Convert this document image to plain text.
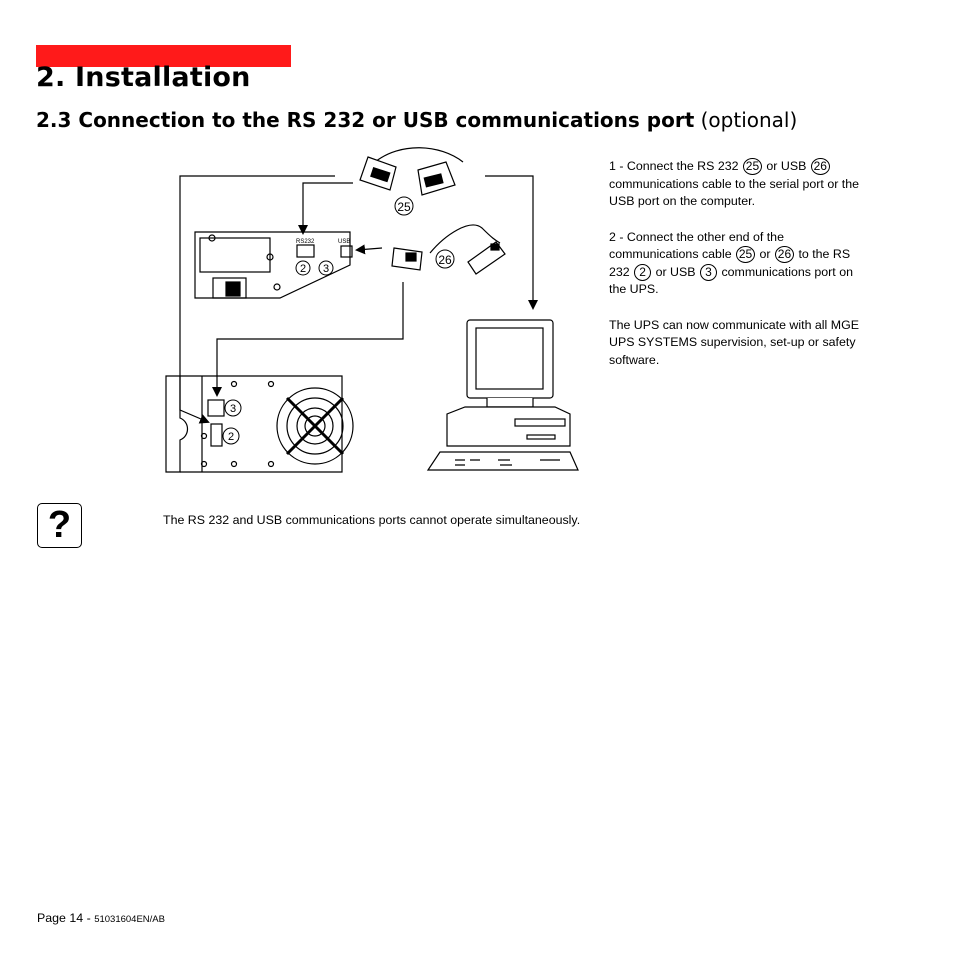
2. Installation
2.3 Connection to the RS 232 or USB communications port (optional)
RS232	USB
2 3
25
26
3
2

1 - Connect the RS 232 25 or USB 26 communications cable to the serial port or the USB port on the computer.

2 - Connect the other end of the communications cable 25 or 26 to the RS 232 2 or USB 3 communications port on the UPS.

The UPS can now communicate with all MGE UPS SYSTEMS supervision, set-up or safety software.

?	The RS 232 and USB communications ports cannot operate simultaneously.

Page 14 - 51031604EN/AB
